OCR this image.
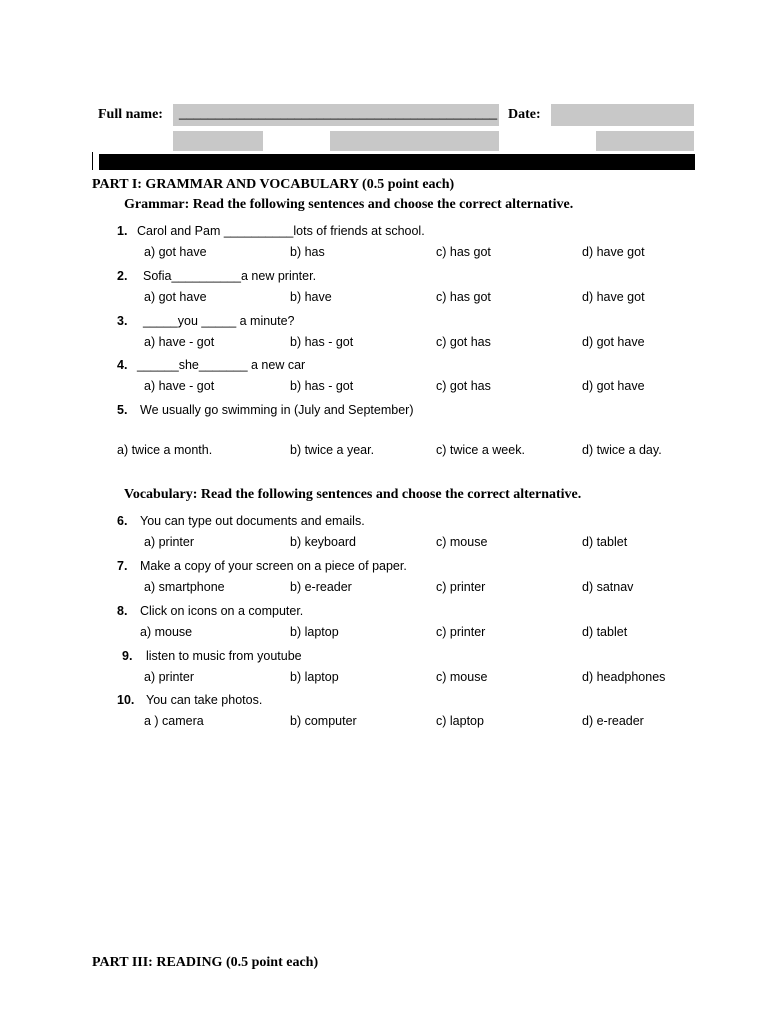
Full name: ____________________________________________ Date:
PART I: GRAMMAR AND VOCABULARY (0.5 point each)
Grammar: Read the following sentences and choose the correct alternative.
1. Carol and Pam __________lots of friends at school.
a) got have	b) has	c) has got	d) have got
2. Sofia__________a new printer.
a) got have	b) have	c) has got	d) have got
3. _____you _____ a minute?
a) have - got	b) has - got	c) got has	d) got have
4. ______she_______ a new car
a) have - got	b) has - got	c) got has	d) got have
5. We usually go swimming in (July and September)
a) twice a month.	b) twice a year.	c) twice a week.	d) twice a day.
Vocabulary: Read the following sentences and choose the correct alternative.
6. You can type out documents and emails.
a) printer	b) keyboard	c) mouse	d) tablet
7. Make a copy of your screen on a piece of paper.
a) smartphone	b) e-reader	c) printer	d) satnav
8. Click on icons on a computer.
a) mouse	b) laptop	c) printer	d) tablet
9. listen to music from youtube
a) printer	b) laptop	c) mouse	d) headphones
10. You can take photos.
a ) camera	b) computer	c) laptop	d) e-reader
PART III: READING (0.5 point each)
